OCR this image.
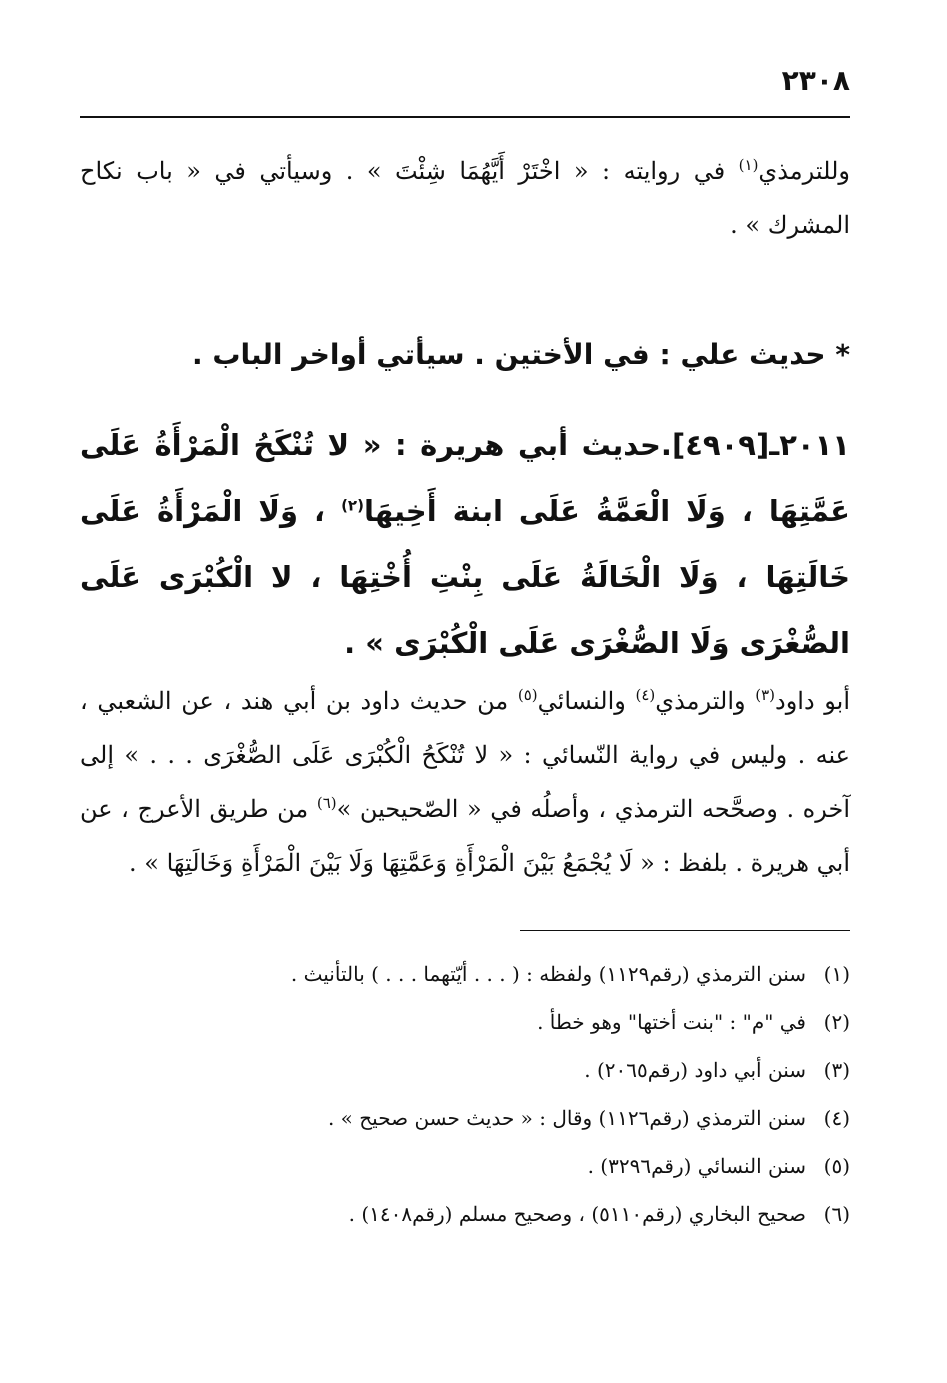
٢٣٠٨

وللترمذي$^{(١)}$ في روايته : « اخْتَرْ أَيَّهُمَا شِئْتَ » . وسيأتي في « باب نكاح المشرك » .

* حديث علي : في الأختين . سيأتي أواخر الباب .

٢٠١١ـ[٤٩٠٩].حديث أبي هريرة : « لا تُنْكَحُ الْمَرْأَةُ عَلَى عَمَّتِهَا ، وَلَا الْعَمَّةُ عَلَى ابنة أَخِيهَا$^{(٢)}$ ، وَلَا الْمَرْأَةُ عَلَى خَالَتِهَا ، وَلَا الْخَالَةُ عَلَى بِنْتِ أُخْتِهَا ، لا الْكُبْرَى عَلَى الصُّغْرَى وَلَا الصُّغْرَى عَلَى الْكُبْرَى » .

أبو داود$^{(٣)}$ والترمذي$^{(٤)}$ والنسائي$^{(٥)}$ من حديث داود بن أبي هند ، عن الشعبي ، عنه . وليس في رواية النّسائي : « لا تُنْكَحُ الْكُبْرَى عَلَى الصُّغْرَى . . . » إلى آخره . وصحَّحه الترمذي ، وأصلُه في « الصّحيحين »$^{(٦)}$ من طريق الأعرج ، عن أبي هريرة . بلفظ : « لَا يُجْمَعُ بَيْنَ الْمَرْأَةِ وَعَمَّتِهَا وَلَا بَيْنَ الْمَرْأَةِ وَخَالَتِهَا » .

(١)
سنن الترمذي (رقم١١٢٩) ولفظه : ( . . . أيّتهما . . . ) بالتأنيث .
(٢)
في "م" : "بنت أختها" وهو خطأ .
(٣)
سنن أبي داود (رقم٢٠٦٥) .
(٤)
سنن الترمذي (رقم١١٢٦) وقال : « حديث حسن صحيح » .
(٥)
سنن النسائي (رقم٣٢٩٦) .
(٦)
صحيح البخاري (رقم٥١١٠) ، وصحيح مسلم (رقم١٤٠٨) .
